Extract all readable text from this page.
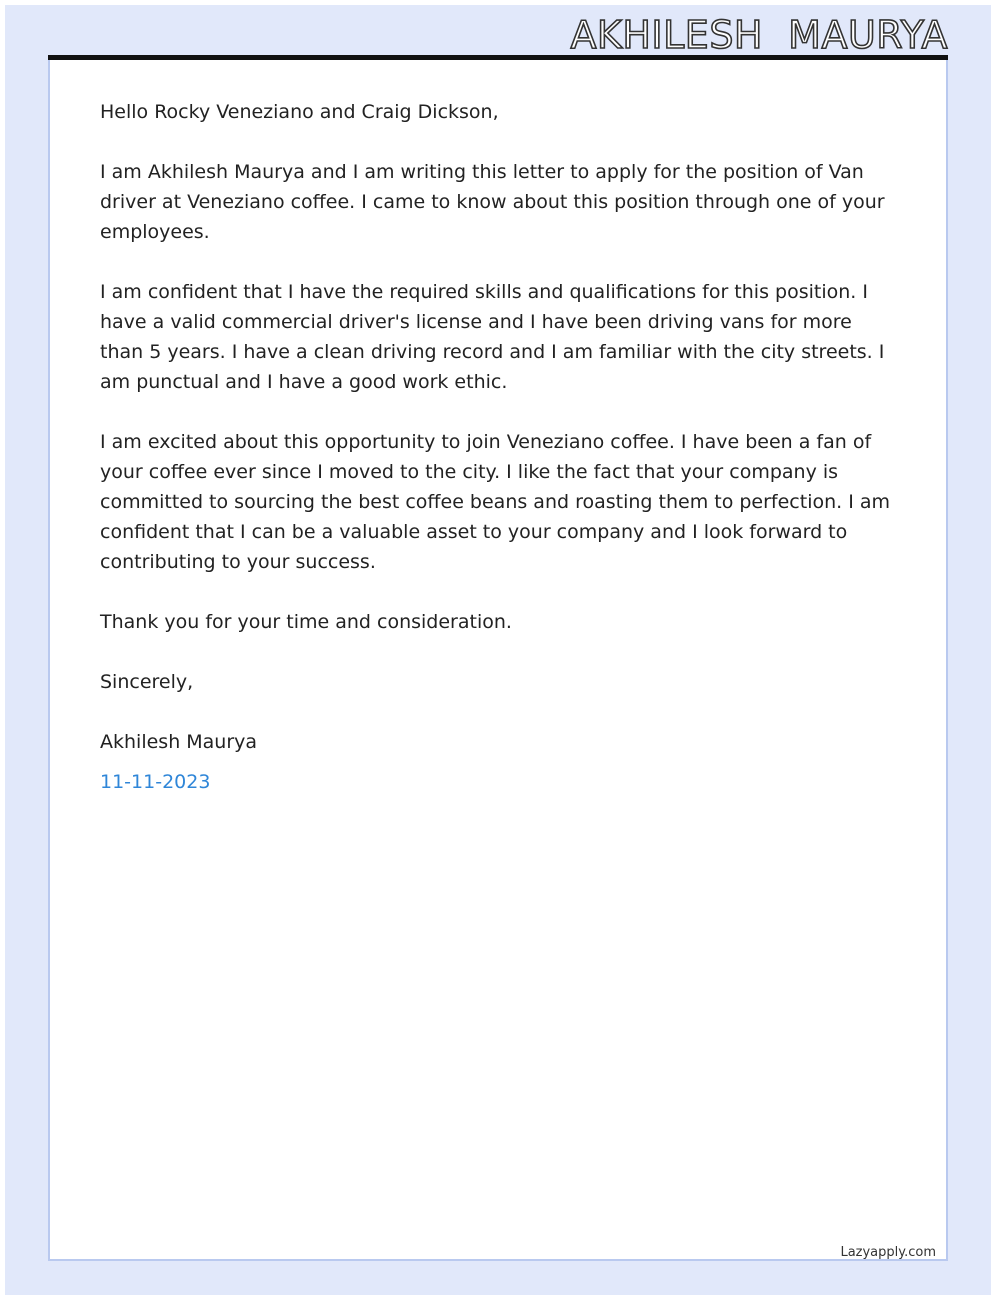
AKHILESH  MAURYA

Hello Rocky Veneziano and Craig Dickson,

I am Akhilesh Maurya and I am writing this letter to apply for the position of Van driver at Veneziano coffee. I came to know about this position through one of your employees.

I am confident that I have the required skills and qualifications for this position. I have a valid commercial driver's license and I have been driving vans for more than 5 years. I have a clean driving record and I am familiar with the city streets. I am punctual and I have a good work ethic.

I am excited about this opportunity to join Veneziano coffee. I have been a fan of your coffee ever since I moved to the city. I like the fact that your company is committed to sourcing the best coffee beans and roasting them to perfection. I am confident that I can be a valuable asset to your company and I look forward to contributing to your success.

Thank you for your time and consideration.

Sincerely,

Akhilesh Maurya

11-11-2023

Lazyapply.com
